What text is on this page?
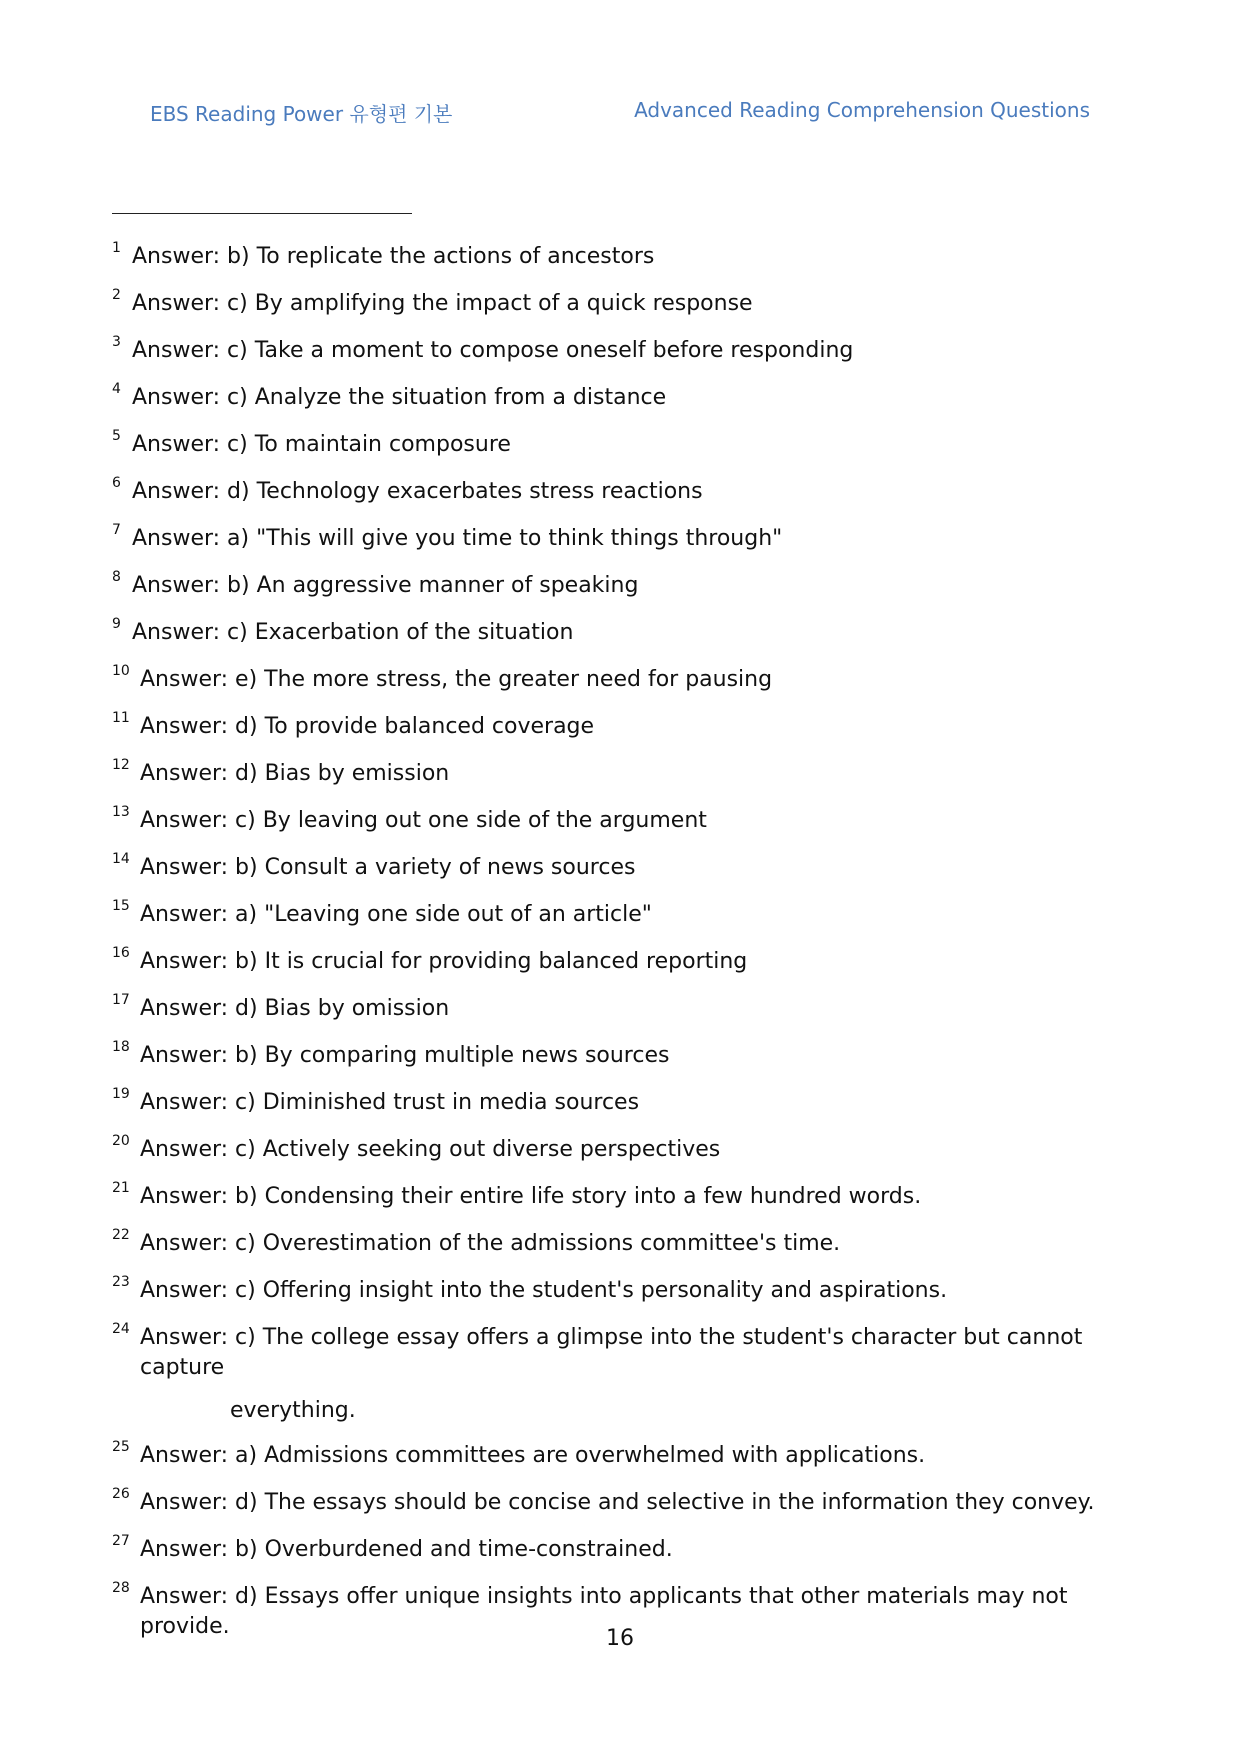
EBS Reading Power 유형편 기본	Advanced Reading Comprehension Questions
1 Answer: b) To replicate the actions of ancestors
2 Answer: c) By amplifying the impact of a quick response
3 Answer: c) Take a moment to compose oneself before responding
4 Answer: c) Analyze the situation from a distance
5 Answer: c) To maintain composure
6 Answer: d) Technology exacerbates stress reactions
7 Answer: a) "This will give you time to think things through"
8 Answer: b) An aggressive manner of speaking
9 Answer: c) Exacerbation of the situation
10 Answer: e) The more stress, the greater need for pausing
11 Answer: d) To provide balanced coverage
12 Answer: d) Bias by emission
13 Answer: c) By leaving out one side of the argument
14 Answer: b) Consult a variety of news sources
15 Answer: a) "Leaving one side out of an article"
16 Answer: b) It is crucial for providing balanced reporting
17 Answer: d) Bias by omission
18 Answer: b) By comparing multiple news sources
19 Answer: c) Diminished trust in media sources
20 Answer: c) Actively seeking out diverse perspectives
21 Answer: b) Condensing their entire life story into a few hundred words.
22 Answer: c) Overestimation of the admissions committee's time.
23 Answer: c) Offering insight into the student's personality and aspirations.
24 Answer: c) The college essay offers a glimpse into the student's character but cannot capture
everything.
25 Answer: a) Admissions committees are overwhelmed with applications.
26 Answer: d) The essays should be concise and selective in the information they convey.
27 Answer: b) Overburdened and time-constrained.
28 Answer: d) Essays offer unique insights into applicants that other materials may not provide.	16
